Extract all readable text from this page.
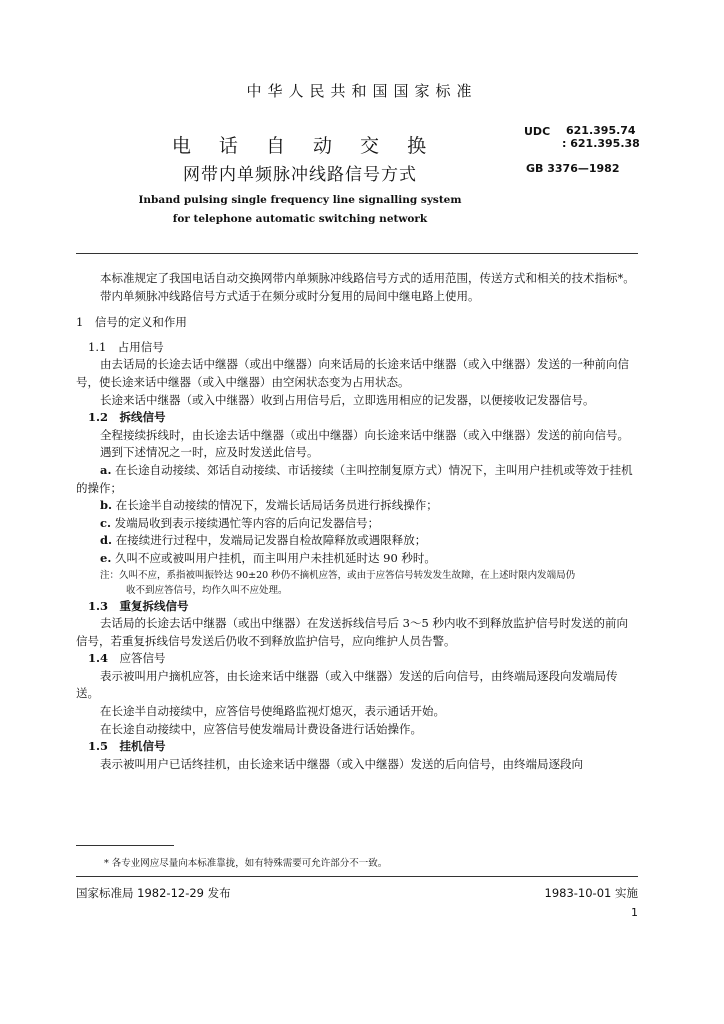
中华人民共和国国家标准
电 话 自 动 交 换
网带内单频脉冲线路信号方式
UDC 621.395.74
: 621.395.38
GB 3376—1982
Inband pulsing single frequency line signalling system
for telephone automatic switching network

本标准规定了我国电话自动交换网带内单频脉冲线路信号方式的适用范围，传送方式和相关的技术指标*。

带内单频脉冲线路信号方式适于在频分或时分复用的局间中继电路上使用。

1　信号的定义和作用

1.1　 占用信号

由去话局的长途去话中继器（或出中继器）向来话局的长途来话中继器（或入中继器）发送的一种前向信号，使长途来话中继器（或入中继器）由空闲状态变为占用状态。

长途来话中继器（或入中继器）收到占用信号后，立即选用相应的记发器，以便接收记发器信号。

1.2　 拆线信号

全程接续拆线时，由长途去话中继器（或出中继器）向长途来话中继器（或入中继器）发送的前向信号。

遇到下述情况之一时，应及时发送此信号。

a. 在长途自动接续、郊话自动接续、市话接续（主叫控制复原方式）情况下，主叫用户挂机或等效于挂机的操作；

b. 在长途半自动接续的情况下，发端长话局话务员进行拆线操作；

c. 发端局收到表示接续遇忙等内容的后向记发器信号；

d. 在接续进行过程中，发端局记发器自检故障释放或遇限释放；

e. 久叫不应或被叫用户挂机，而主叫用户未挂机延时达 90 秒时。

注：久叫不应，系指被叫振铃达 90±20 秒仍不摘机应答，或由于应答信号转发发生故障，在上述时限内发端局仍

收不到应答信号，均作久叫不应处理。

1.3　 重复拆线信号

去话局的长途去话中继器（或出中继器）在发送拆线信号后 3～5 秒内收不到释放监护信号时发送的前向信号，若重复拆线信号发送后仍收不到释放监护信号，应向维护人员告警。

1.4　 应答信号

表示被叫用户摘机应答，由长途来话中继器（或入中继器）发送的后向信号，由终端局逐段向发端局传送。

在长途半自动接续中，应答信号使绳路监视灯熄灭，表示通话开始。

在长途自动接续中，应答信号使发端局计费设备进行话始操作。

1.5　 挂机信号

表示被叫用户已话终挂机，由长途来话中继器（或入中继器）发送的后向信号，由终端局逐段向

* 各专业网应尽量向本标准靠拢，如有特殊需要可允许部分不一致。
国家标准局 1982-12-29 发布	1983-10-01 实施
1
